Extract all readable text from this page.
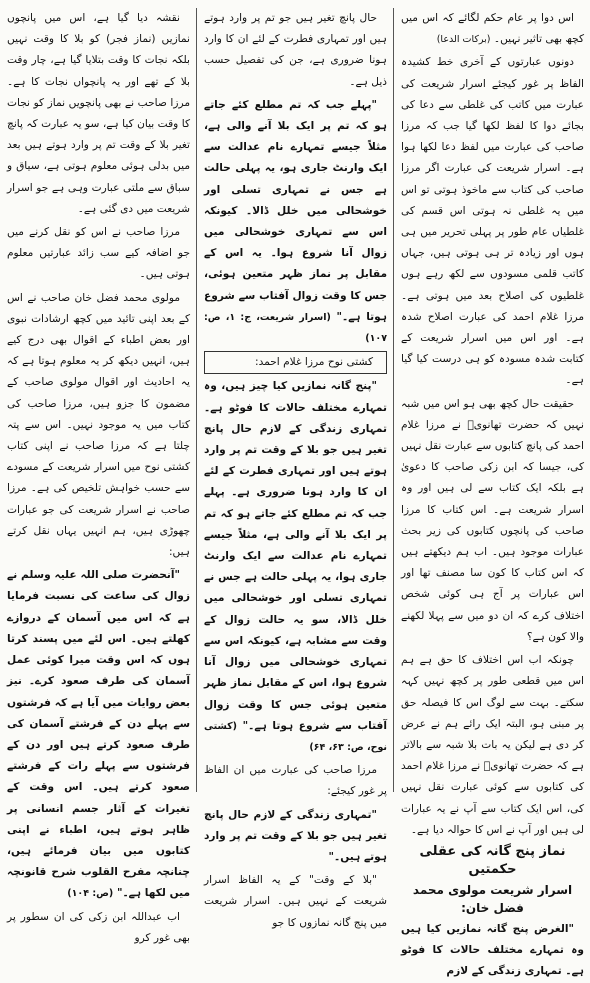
اس دوا پر عام حکم لگائے کہ اس میں کچھ بھی تاثیر نہیں۔ (برکات الدعا)

دونوں عبارتوں کے آخری خط کشیدہ الفاظ پر غور کیجئے اسرار شریعت کی عبارت میں کاتب کی غلطی سے دعا کی بجائے دوا کا لفظ لکھا گیا جب کہ مرزا صاحب کی عبارت میں لفظ دعا لکھا ہوا ہے۔ اسرار شریعت کی عبارت اگر مرزا صاحب کی کتاب سے ماخوذ ہوتی تو اس میں یہ غلطی نہ ہوتی اس قسم کی غلطیاں عام طور پر پہلی تحریر میں ہی ہوں اور زیادہ تر ہی ہوتی ہیں، جہاں کاتب قلمی مسودوں سے لکھ رہے ہوں غلطیوں کی اصلاح بعد میں ہوتی ہے۔ مرزا غلام احمد کی عبارت اصلاح شدہ ہے۔ اور اس میں اسرار شریعت کے کتابت شدہ مسودہ کو ہی درست کیا گیا ہے۔

حقیقت حال کچھ بھی ہو اس میں شبہ نہیں کہ حضرت تھانویؒ نے مرزا غلام احمد کی پانچ کتابوں سے عبارت نقل نہیں کی، جیسا کہ ابن زکی صاحب کا دعویٰ ہے بلکہ ایک کتاب سے لی ہیں اور وہ اسرار شریعت ہے۔ اس کتاب کا مرزا صاحب کی پانچوں کتابوں کی زیر بحث عبارات موجود ہیں۔ اب ہم دیکھتے ہیں کہ اس کتاب کا کون سا مصنف تھا اور اس عبارات پر آج ہی کوئی شخص اختلاف کرے کہ ان دو میں سے پہلا لکھنے والا کون ہے؟

چونکہ اب اس اختلاف کا حق ہے ہم اس میں قطعی طور پر کچھ نہیں کہہ سکتے۔ بہت سے لوگ اس کا فیصلہ حق پر مبنی ہو، البتہ ایک رائے ہم نے عرض کر دی ہے لیکن یہ بات بلا شبہ سے بالاتر ہے کہ حضرت تھانویؒ نے مرزا غلام احمد کی کتابوں سے کوئی عبارت نقل نہیں کی، اس ایک کتاب سے آپ نے یہ عبارات لی ہیں اور آپ نے اس کا حوالہ دیا ہے۔

نماز پنج گانہ کی عقلی حکمتیں

اسرار شریعت مولوی محمد فضل خان:

"الغرض پنج گانہ نمازیں کیا ہیں وہ تمہارے مختلف حالات کا فوٹو ہے۔ تمہاری زندگی کے لازم

حال پانچ تغیر ہیں جو تم پر وارد ہوتے ہیں اور تمہاری فطرت کے لئے ان کا وارد ہونا ضروری ہے، جن کی تفصیل حسب ذیل ہے۔

"پہلے جب کہ تم مطلع کئے جاتے ہو کہ تم پر ایک بلا آنے والی ہے، مثلاً جیسے تمہارے نام عدالت سے ایک وارنٹ جاری ہو، یہ پہلی حالت ہے جس نے تمہاری تسلی اور خوشحالی میں خلل ڈالا۔ کیونکہ اس سے تمہاری خوشحالی میں زوال آنا شروع ہوا۔ یہ اس کے مقابل پر نماز ظہر متعین ہوئی، جس کا وقت زوال آفتاب سے شروع ہوتا ہے۔" (اسرار شریعت، ج: ۱، ص: ۱۰۷)

کشتی نوح مرزا غلام احمد:

"پنج گانہ نمازیں کیا چیز ہیں، وہ تمہارے مختلف حالات کا فوٹو ہے۔ تمہاری زندگی کے لازم حال پانچ تغیر ہیں جو بلا کے وقت تم پر وارد ہوتے ہیں اور تمہاری فطرت کے لئے ان کا وارد ہونا ضروری ہے۔ پہلے جب کہ تم مطلع کئے جاتے ہو کہ تم پر ایک بلا آنے والی ہے، مثلاً جیسے تمہارے نام عدالت سے ایک وارنٹ جاری ہوا، یہ پہلی حالت ہے جس نے تمہاری تسلی اور خوشحالی میں خلل ڈالا، سو یہ حالت زوال کے وقت سے مشابہ ہے، کیونکہ اس سے تمہاری خوشحالی میں زوال آنا شروع ہوا، اس کے مقابل نماز ظہر متعین ہوئی جس کا وقت زوال آفتاب سے شروع ہوتا ہے۔" (کشتی نوح، ص: ۶۳، ۶۴)

مرزا صاحب کی عبارت میں ان الفاظ پر غور کیجئے:

"تمہاری زندگی کے لازم حال پانچ تغیر ہیں جو بلا کے وقت تم پر وارد ہوتے ہیں۔"

"بلا کے وقت" کے یہ الفاظ اسرار شریعت کے نہیں ہیں۔ اسرار شریعت میں پنج گانہ نمازوں کا جو

نقشہ دیا گیا ہے، اس میں پانچوں نمازیں (نماز فجر) کو بلا کا وقت نہیں بلکہ نجات کا وقت بتلایا گیا ہے، چار وقت بلا کے تھے اور یہ پانچواں نجات کا ہے۔ مرزا صاحب نے بھی پانچویں نماز کو نجات کا وقت بیان کیا ہے، سو یہ عبارت کہ پانچ تغیر بلا کے وقت تم پر وارد ہوتے ہیں بعد میں بدلی ہوئی معلوم ہوتی ہے، سیاق و سباق سے ملتی عبارت وہی ہے جو اسرار شریعت میں دی گئی ہے۔

مرزا صاحب نے اس کو نقل کرنے میں جو اضافہ کیے سب زائد عبارتیں معلوم ہوتی ہیں۔

مولوی محمد فضل خان صاحب نے اس کے بعد اپنی تائید میں کچھ ارشادات نبوی اور بعض اطباء کے اقوال بھی درج کیے ہیں، انہیں دیکھ کر یہ معلوم ہوتا ہے کہ یہ احادیث اور اقوال مولوی صاحب کے مضمون کا جزو ہیں، مرزا صاحب کی کتاب میں یہ موجود نہیں۔ اس سے پتہ چلتا ہے کہ مرزا صاحب نے اپنی کتاب کشتی نوح میں اسرار شریعت کے مسودے سے حسب خواہش تلخیص کی ہے۔ مرزا صاحب نے اسرار شریعت کی جو عبارات چھوڑی ہیں، ہم انہیں یہاں نقل کرتے ہیں:

"آنحضرت صلی اللہ علیہ وسلم نے زوال کی ساعت کی نسبت فرمایا ہے کہ اس میں آسمان کے دروازے کھلتے ہیں۔ اس لئے میں پسند کرتا ہوں کہ اس وقت میرا کوئی عمل آسمان کی طرف صعود کرے۔ نیز بعض روایات میں آیا ہے کہ فرشتوں سے پہلے دن کے فرشتے آسمان کی طرف صعود کرتے ہیں اور دن کے فرشتوں سے پہلے رات کے فرشتے صعود کرتے ہیں۔ اس وقت کے تغیرات کے آثار جسم انسانی پر ظاہر ہوتے ہیں، اطباء نے اپنی کتابوں میں بیان فرمائے ہیں، چنانچہ مفرح القلوب شرح قانونچہ میں لکھا ہے۔" (ص: ۱۰۴)

اب عبداللہ ابن زکی کی ان سطور پر بھی غور کرو
